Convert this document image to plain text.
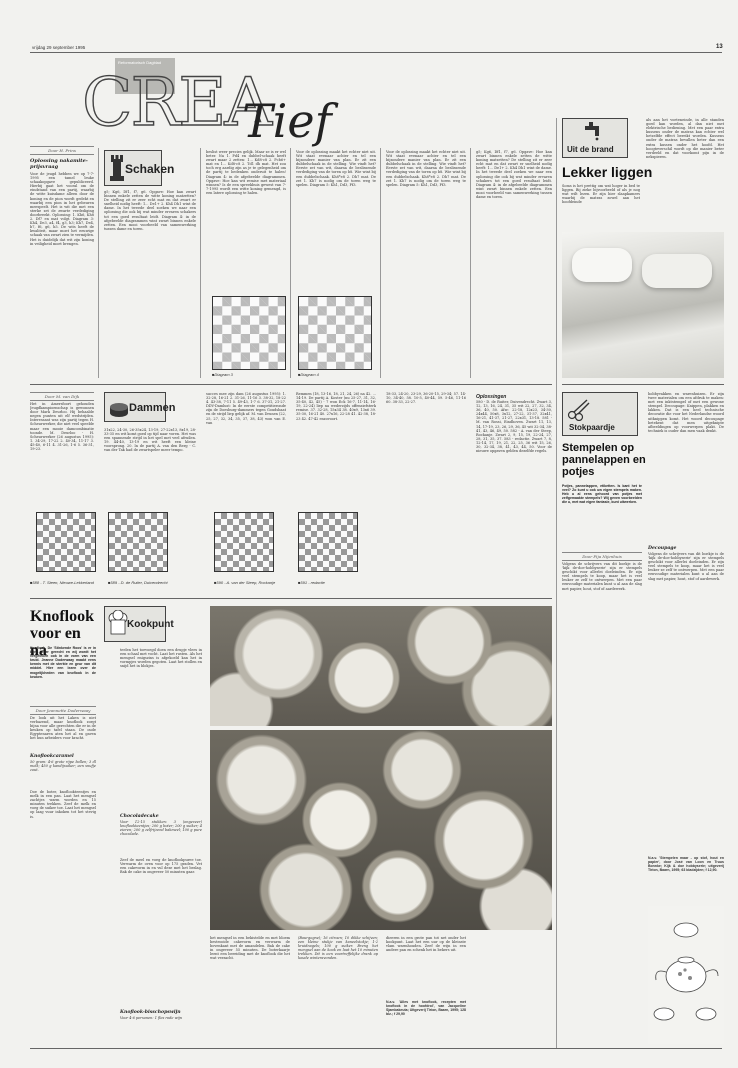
vrijdag 29 september 1995	13
Reformatorisch Dagblad
CREA
Tief
Door H. Prins
Oplossing nakamite-prijsvraag
Voor de jeugd hebben we op 7-7-1995 een tamel leuke schaakopgave gepubliceerd. Hierbij gaat het vooral om de eindstand van een partij, waarbij de witte kuisdame alleen door de koning en de pion wordt gedekt en waarbij een pion in het gebeuren meespeelt. Het is wit die met een sterke zet de zwarte verdediging doorbreekt. Oplossing: 1. Kh6, Kh8 2. Df7 en mat volgt. Diagram 3: Kh4, De3, a4, f4, g3, h3; Kh7, De4, b7, f6, g6, h5. De wits heeft de kwaliteit, maar moet het eeuwige schaak van zwart zien te vermijden. Het is duidelijk dat wit zijn koning in veiligheid moet brengen.
Schaken
g5; Kg6, Df1, f7, g6. Opgave: Hoe kan zwart binnen enkele zetten de witte koning matzetten? De stelling zit er zeer echt mat en dat zwart er snelheid nodig heeft: 1... De1+ 2. Kh4 Dh1 wint de dame. In het tweede deel zoeken we naar een oplossing die ook bij wat minder ervaren schakers tot een goed resultaat leidt. Diagram 4: in de afgebeelde diagrammen wint zwart binnen enkele zetten. Een mooi voorbeeld van samenwerking tussen dame en toren.
beslist weer precies gelijk. Maar ze is er wel beter. Na 1. Pd4 en dubbel-schaak heeft zwart maar 2 zetten: 1... Kd8-c8 2. Pcb6+ mat en 1... Kd8-c8 2. Td1 dh mat. Het zou toch erg aardig zijn as je te gelegenheid om de partij te bedenken onderuit te halen! Diagram 4: in de afgebeelde diagrammen. Opgave: Hoe kan wit remise met materiaal winnen? Is de een spreekbuis gewest van 7-7-1995 wordt een witte koning gemengd, is een latere oplossing te halen.
Voor de oplossing maakt het echter niet uit. Wit staat evenaar achter en tel een bijzondere manier van plan. Er zit een dubbelschaak in de stelling. Wie vindt het? Eerste zet van wit, daarna de beslissende verdediging van de toren op b8. Wie wint bij een dubbelschaak. Kh8*e8 2. Dh7 mat. De zet 1. Kh7 is nodig om de toren weg te spelen. Diagram 5: Kh1, Dd3, Pf3.
■ Diagram 3	■ Diagram 4
Voor de oplossing maakt het echter niet uit. Wit staat evenaar achter en tel een bijzondere manier van plan. Er zit een dubbelschaak in de stelling. Wie vindt het? Eerste zet van wit, daarna de beslissende verdediging van de toren op b8. Wie wint bij een dubbelschaak. Kh8*e8 2. Dh7 mat. De zet 1. Kh7 is nodig om de toren weg te spelen. Diagram 5: Kh1, Dd3, Pf3.
g5; Kg6, Df1, f7, g6. Opgave: Hoe kan zwart binnen enkele zetten de witte koning matzetten? De stelling zit er zeer echt mat en dat zwart er snelheid nodig heeft: 1... De1+ 2. Kh4 Dh1 wint de dame. In het tweede deel zoeken we naar een oplossing die ook bij wat minder ervaren schakers tot een goed resultaat leidt. Diagram 4: in de afgebeelde diagrammen wint zwart binnen enkele zetten. Een mooi voorbeeld van samenwerking tussen dame en toren.
Door M. van Dijk
Het in Amersfoort gehouden Jeugdkampioenschap is gewonnen door Mark Deurloo. Hij behaalde negen punten uit elf wedstrijden. Interessant was zijn partij tegen H. Scheurwerker, die niet veel speelde maar een mooie damcombinatie toonde. M. Deurloo - H. Scheurwerker (26 augustus 1995): 1. 34-29, 17-22 2. 40-34, 11-17 3. 45-40, 6-11 4. 31-26, 1-6 5. 36-31, 19-23.
Dammen
31x22, 24-30, 26-35x24, 13-19, 27-22x13, 8x19, 28-33-35 en wit komt goed op tijd naar voren. Het was een spannende strijd in het spel met veel afruilen. 19. 44-40, 13-19 en wit heeft een kleine voorsprong. 20. In de partij A. van den Berg - C. van der Tak had de zwartspeler meer tempo.
succes mee zijn dam (26 augustus 1995): 1. 32-28, 16-21 2. 31-26, 11-16 3. 38-32, 18-22 4. 43-38, 7-11 5. 49-43, 1-7 6. 37-31, 21-27. DDV-Damlust: In de eerste competitieronde zijn de Doesburg-dammers tegen Goudsbaat en de strijd liep gelijk af. M. van Drunen (22, 25, 27, 32, 34, 35, 37, 38, 43) won van E. van
Remmen (18, 13-16, 18, 21, 24, 26) na 42. ... 14-19. De partij A. Koster (nu 25-27, 31, 32, 35-40, 42, 45) - 7 won Eck 16-7, 11-14, 16-19, 22-24) liep na wederzijds offensiefsterk remise. 37. 32-28, 15x34 38. 40x9, 13x6 39. 35-30, 16-21 40. 27x16, 22-28 41. 42-38, 18-23 42. 47-42 enzovoort.
18-33, 24-20, 23-29, 36-20-15, 29-34; 57. 14-10, 34-40, 58. 10-5, 40-44, 59. 5-46, 11-16 60. 38-33, 22-27.
■ 588 - T. Steen, Nieuwe-Lekkerland	■ 589 - D. de Ruiter, Duivendrecht	■ 590 - A. van der Steep, Rockanje	■ 591 - redactie
Oplossingen
580 - D. de Ruiter, Duivendrecht. Zwart 3, 12, 13, 16, 24, 31, 35 wit 22, 27, 32, 34, 36, 40, 50. Afw.: 22-18, 12x23, 34-30, 24x44, 50x8, 3x12, 27-22, 31-37, 32x41, 16-21, 41-37, 21-27, 22x31, 13-18. 581 - M. van Rossi, Eindhoven. Zwart 11, 13, 14, 17-19, 23, 26, 29, 36, 45 wit 32-34, 38-41, 43, 46, 49, 50. 582 - A. van der Steep, Rockanje. Zwart 2, 9, 15, 19, 22-24, 27, 28, 31, 35, 37. 583 - redactie. Zwart 7, 8, 12-14, 17, 19, 21, 22, 25, 36 wit 15, 26, 30, 32-34, 38, 41, 43, 44, 50. Voor de nieuwe opgaven gelden dezelfde regels.
Knoflook voor en na
Knoflook. De 'Stinkende Roos' is er in bijna ieder gerecht en wij wordt het vergeleken ook in de vorm van een kruid. Jeanne Doderwaay maakt eens kennis met de sterkte en geur van dit middel. Hier een lezen over de mogelijkheden van knoflook in de keuken.
Door Jeannette Doderwaay
De look uit het Laken is niet verbazend, maar knoflook zorgt bijna voor alle gerechten die er in de keuken op tafel staan. De oude Egyptenaren aten het al en gaven het hun arbeiders voor kracht.
Knoflookcaramel
50 gram: 4-6 grote rijpe bollen; 3 dl melk; 450 g kandijsuiker; een snufje zout.
Doe de boter, knoflookteentjes en melk in een pan. Laat het mengsel zachtjes warm worden en 15 minuten trekken. Zeef de melk en voeg de suiker toe. Laat het mengsel op laag vuur inkoken tot het stevig is.
Kookpunt
teelen het toevoegd doen een drupje vlees in een schaal met vocht. Laat het rusten. Als het mengsel enigszins is afgekoeld kan het in vormpjes worden gegoten. Laat het stollen en snijd het in blokjes.
Chocoladecake
Voor 12-15 stukken: 3 (ongeveer) knoflookteentjes; 200 g boter; 200 g suiker; 4 eieren; 200 g zelfrijzend bakmeel; 100 g pure chocolade.
Zeef de meel en voeg de knoflookpuree toe. Verwarm de oven voor op 175 graden. Vet een cakevorm in en vul deze met het beslag. Bak de cake in ongeveer 50 minuten gaar.
Knoflook-bisschopswijn
Voor 4-6 personen: 1 fles rode wijn
het mengsel in een bekistelde en met bloem bestrooide cakevorm en verwarm de bovenkant met de amandelen. Bak de cake in ongeveer 55 minuten. De boterkaarje leent een bereiding met de knoflook die het wat verzacht.
(Bourgogne); 16 citroen; 10 dikke schijven; een kleine stukje van kaneelstokje; 1-2 kruidnagels; 100 g suiker. Breng het mengsel aan de kook en laat het 10 minuten trekken. Dit is een voortreffelijke drank op koude winteravonden.
dieeren in een grote pan tot net onder het kookpunt. Laat het een uur op de kleinste vlam warmhouden. Zeef de wijn in een andere pan en schenk het in bekers uit.
N.a.v. 'Alles met knoflook, recepten met knoflook in de hoofdrol', van Jacqueline Sjambakeuta; Uitgeverij Tirion, Baarn, 1995; 128 blz.; f 29,90
Uit de brand
Lekker liggen
Soms is het prettig om wat hoger in bed te liggen. Bij zieke bijvoorbeeld of als je nog wat wilt lezen. Er zijn hier slaapkamers waarbij de matras zowel aan het hoofdeinde
als aan het voeteneinde, in alle standen goed kan worden, al dan niet met elektrische bediening. Met een paar extra kussens onder de matras kan echter wel hetzelfde effect bereikt worden. Kussens onder de matras bevallen beter dan een extra kussen onder het hoofd. Het hoogteverschil wordt op die manier beter verdeeld en dat voorkomt pijn in de nekspieren.
Stokpaardje
Stempelen op pannelappen en potjes
Potjes, pannelappen, etiketten. Is kant het te veel? Zo kunt u ook uw eigen stempels maken. Heb u al eens gehoord van potjes met zelfgemaakte stempels? Wij geven voorbeelden die u, met wat eigen fantasie, kunt uitwerken.
Door Fija Nijenhuis
Volgens de schrijvers van dit boekje is de 'kijk de-doe-hobbyserie' zijn er stempels geschikt voor allerlei doeleinden. Er zijn veel stempels te koop, maar het is veel leuker ze zelf te ontwerpen. Met een paar eenvoudige materialen kunt u al aan de slag met papier, hout, stof of aardewerk.
hobbyvakken en warenhuizen. Er zijn twee materialen om een afdruk te maken: met een inktstempel of met een gewone stempel. Decoupage: Knippen, plakken en lakken. Dat is een heel technische decoratie die voor het Nederlandse woord uitknippen komt. Het woord decoupage betekent dat men uitgeknipte afbeeldingen op voorwerpen plakt. De techniek is ouder dan men vaak denkt.
Decoupage
Volgens de schrijvers van dit boekje is de 'kijk de-doe-hobbyserie' zijn er stempels geschikt voor allerlei doeleinden. Er zijn veel stempels te koop, maar het is veel leuker ze zelf te ontwerpen. Met een paar eenvoudige materialen kunt u al aan de slag met papier, hout, stof of aardewerk.
N.a.v. 'Stempelen maar - op stof, hout en papier', door José van Loon en Truus Bonnke; Kijk & doe hobbyserie; uitgeverij Tirion, Baarn, 1995; 63 bladzijden; f 12,90.
